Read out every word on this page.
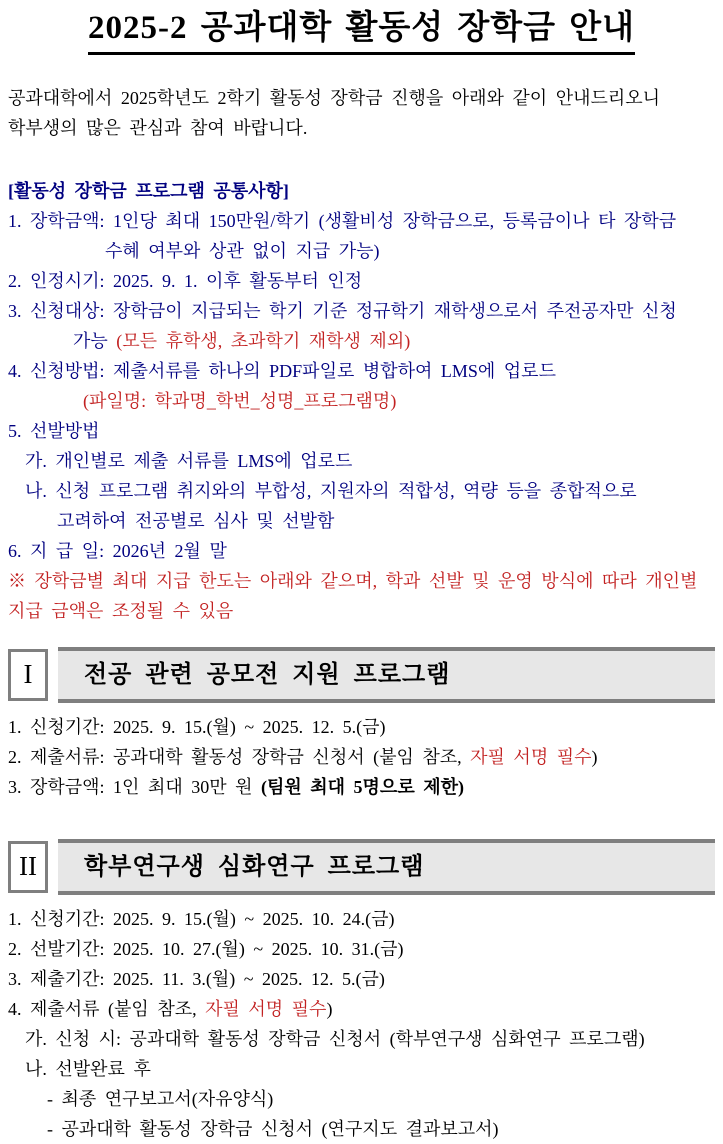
2025-2 공과대학 활동성 장학금 안내
공과대학에서 2025학년도 2학기 활동성 장학금 진행을 아래와 같이 안내드리오니
학부생의 많은 관심과 참여 바랍니다.
[활동성 장학금 프로그램 공통사항]
1. 장학금액: 1인당 최대 150만원/학기 (생활비성 장학금으로, 등록금이나 타 장학금
수혜 여부와 상관 없이 지급 가능)
2. 인정시기: 2025. 9. 1. 이후 활동부터 인정
3. 신청대상: 장학금이 지급되는 학기 기준 정규학기 재학생으로서 주전공자만 신청
가능 (모든 휴학생, 초과학기 재학생 제외)
4. 신청방법: 제출서류를 하나의 PDF파일로 병합하여 LMS에 업로드
(파일명: 학과명_학번_성명_프로그램명)
5. 선발방법
가. 개인별로 제출 서류를 LMS에 업로드
나. 신청 프로그램 취지와의 부합성, 지원자의 적합성, 역량 등을 종합적으로
고려하여 전공별로 심사 및 선발함
6. 지 급 일: 2026년 2월 말
※ 장학금별 최대 지급 한도는 아래와 같으며, 학과 선발 및 운영 방식에 따라 개인별
지급 금액은 조정될 수 있음
I 전공 관련 공모전 지원 프로그램
1. 신청기간: 2025. 9. 15.(월) ~ 2025. 12. 5.(금)
2. 제출서류: 공과대학 활동성 장학금 신청서 (붙임 참조, 자필 서명 필수)
3. 장학금액: 1인 최대 30만 원 (팀원 최대 5명으로 제한)
II 학부연구생 심화연구 프로그램
1. 신청기간: 2025. 9. 15.(월) ~ 2025. 10. 24.(금)
2. 선발기간: 2025. 10. 27.(월) ~ 2025. 10. 31.(금)
3. 제출기간: 2025. 11. 3.(월) ~ 2025. 12. 5.(금)
4. 제출서류 (붙임 참조, 자필 서명 필수)
가. 신청 시: 공과대학 활동성 장학금 신청서 (학부연구생 심화연구 프로그램)
나. 선발완료 후
- 최종 연구보고서(자유양식)
- 공과대학 활동성 장학금 신청서 (연구지도 결과보고서)
